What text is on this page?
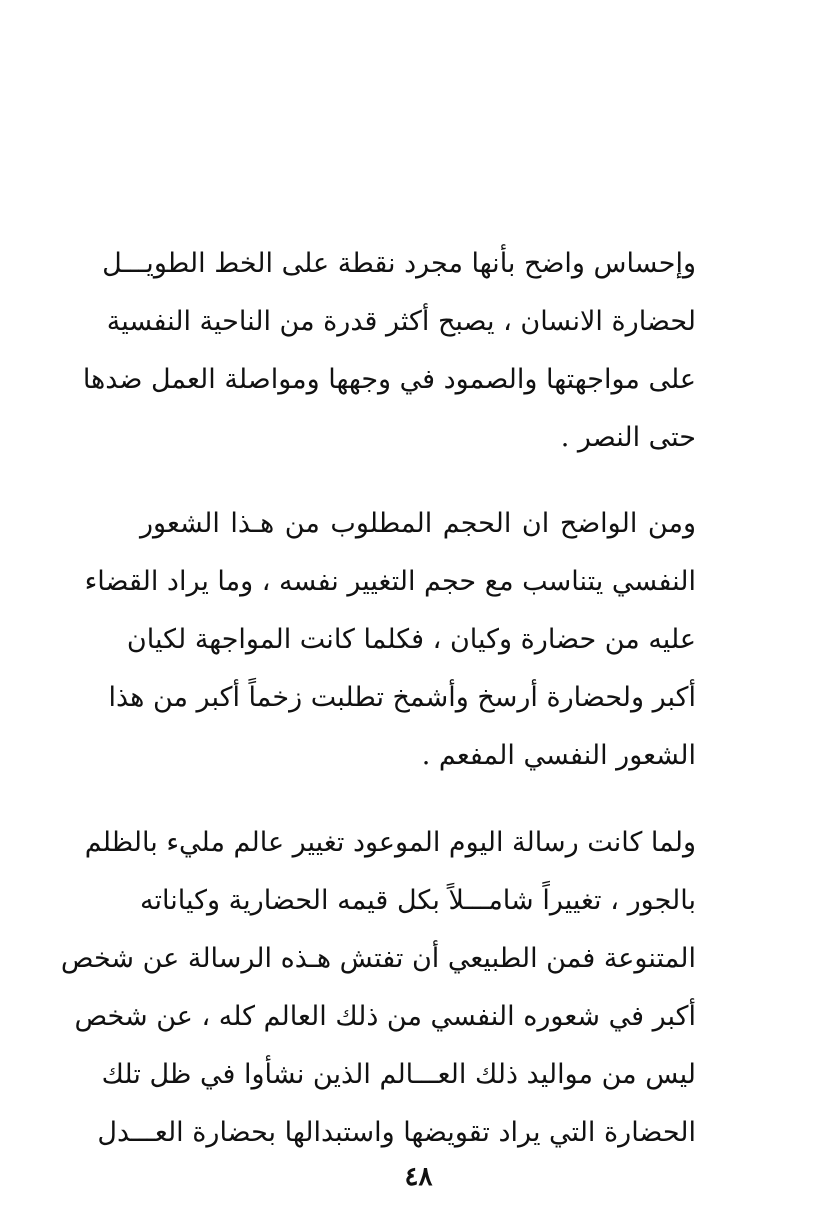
وإحساس واضح بأنها مجرد نقطة على الخط الطويـــل
لحضارة الانسان ، يصبح أكثر قدرة من الناحية النفسية
على مواجهتها والصمود في وجهها ومواصلة العمل ضدها
حتى النصر .
ومن الواضح ان الحجم المطلوب من هـذا الشعور
النفسي يتناسب مع حجم التغيير نفسه ، وما يراد القضاء
عليه من حضارة وكيان ، فكلما كانت المواجهة لكيان
أكبر ولحضارة أرسخ وأشمخ تطلبت زخماً أكبر من هذا
الشعور النفسي المفعم .
ولما كانت رسالة اليوم الموعود تغيير عالم مليء بالظلم
بالجور ، تغييراً شامـــلاً بكل قيمه الحضارية وكياناته
المتنوعة فمن الطبيعي أن تفتش هـذه الرسالة عن شخص
أكبر في شعوره النفسي من ذلك العالم كله ، عن شخص
ليس من مواليد ذلك العـــالم الذين نشأوا في ظل تلك
الحضارة التي يراد تقويضها واستبدالها بحضارة العـــدل
٤٨
